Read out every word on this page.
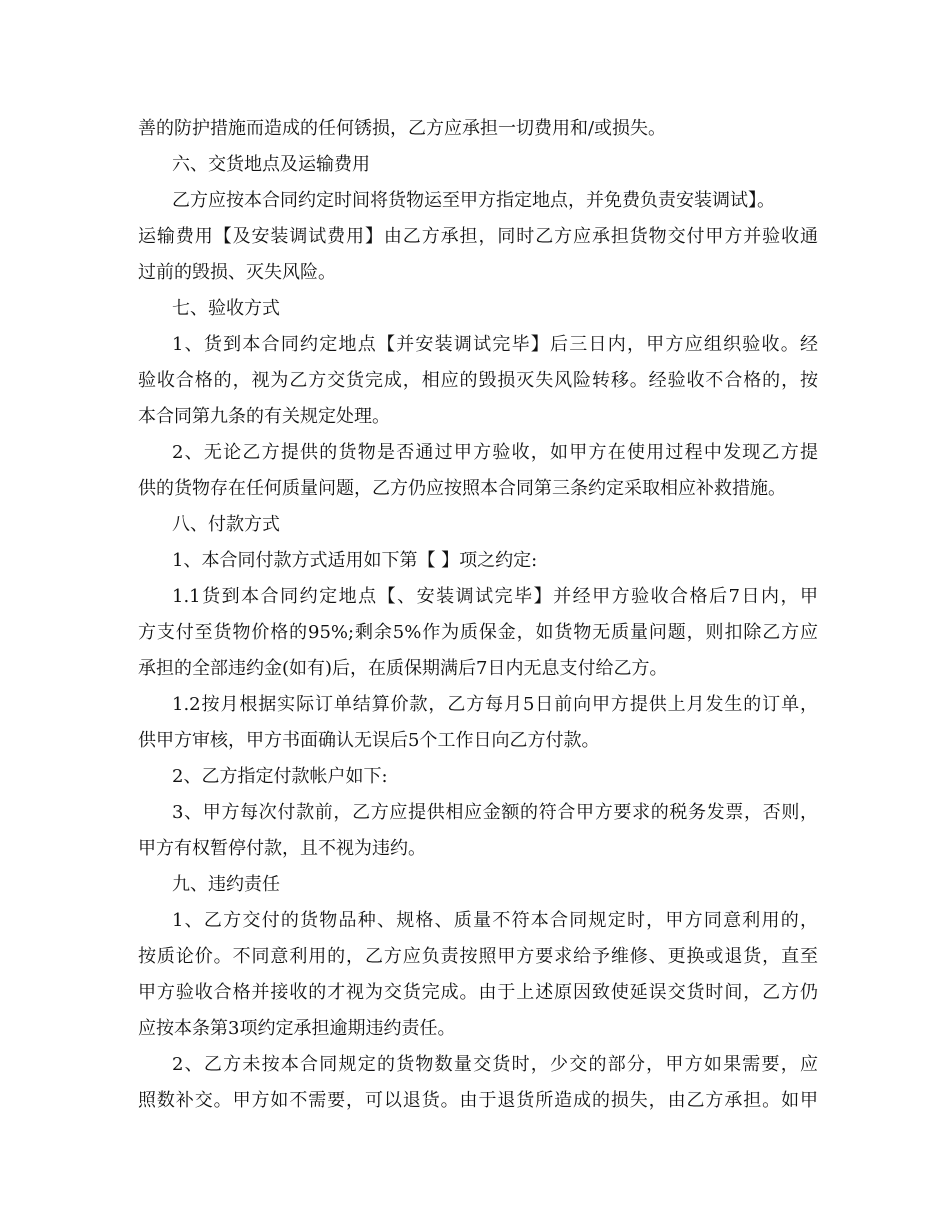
善的防护措施而造成的任何锈损，乙方应承担一切费用和/或损失。
六、交货地点及运输费用
乙方应按本合同约定时间将货物运至甲方指定地点，并免费负责安装调试】。
运输费用【及安装调试费用】由乙方承担，同时乙方应承担货物交付甲方并验收通
过前的毁损、灭失风险。
七、验收方式
1、货到本合同约定地点【并安装调试完毕】后三日内，甲方应组织验收。经
验收合格的，视为乙方交货完成，相应的毁损灭失风险转移。经验收不合格的，按
本合同第九条的有关规定处理。
2、无论乙方提供的货物是否通过甲方验收，如甲方在使用过程中发现乙方提
供的货物存在任何质量问题，乙方仍应按照本合同第三条约定采取相应补救措施。
八、付款方式
1、本合同付款方式适用如下第【 】项之约定:
1.1货到本合同约定地点【、安装调试完毕】并经甲方验收合格后7日内，甲
方支付至货物价格的95%;剩余5%作为质保金，如货物无质量问题，则扣除乙方应
承担的全部违约金(如有)后，在质保期满后7日内无息支付给乙方。
1.2按月根据实际订单结算价款，乙方每月5日前向甲方提供上月发生的订单，
供甲方审核，甲方书面确认无误后5个工作日向乙方付款。
2、乙方指定付款帐户如下:
3、甲方每次付款前，乙方应提供相应金额的符合甲方要求的税务发票，否则，
甲方有权暂停付款，且不视为违约。
九、违约责任
1、乙方交付的货物品种、规格、质量不符本合同规定时，甲方同意利用的，
按质论价。不同意利用的，乙方应负责按照甲方要求给予维修、更换或退货，直至
甲方验收合格并接收的才视为交货完成。由于上述原因致使延误交货时间，乙方仍
应按本条第3项约定承担逾期违约责任。
2、乙方未按本合同规定的货物数量交货时，少交的部分，甲方如果需要，应
照数补交。甲方如不需要，可以退货。由于退货所造成的损失，由乙方承担。如甲
